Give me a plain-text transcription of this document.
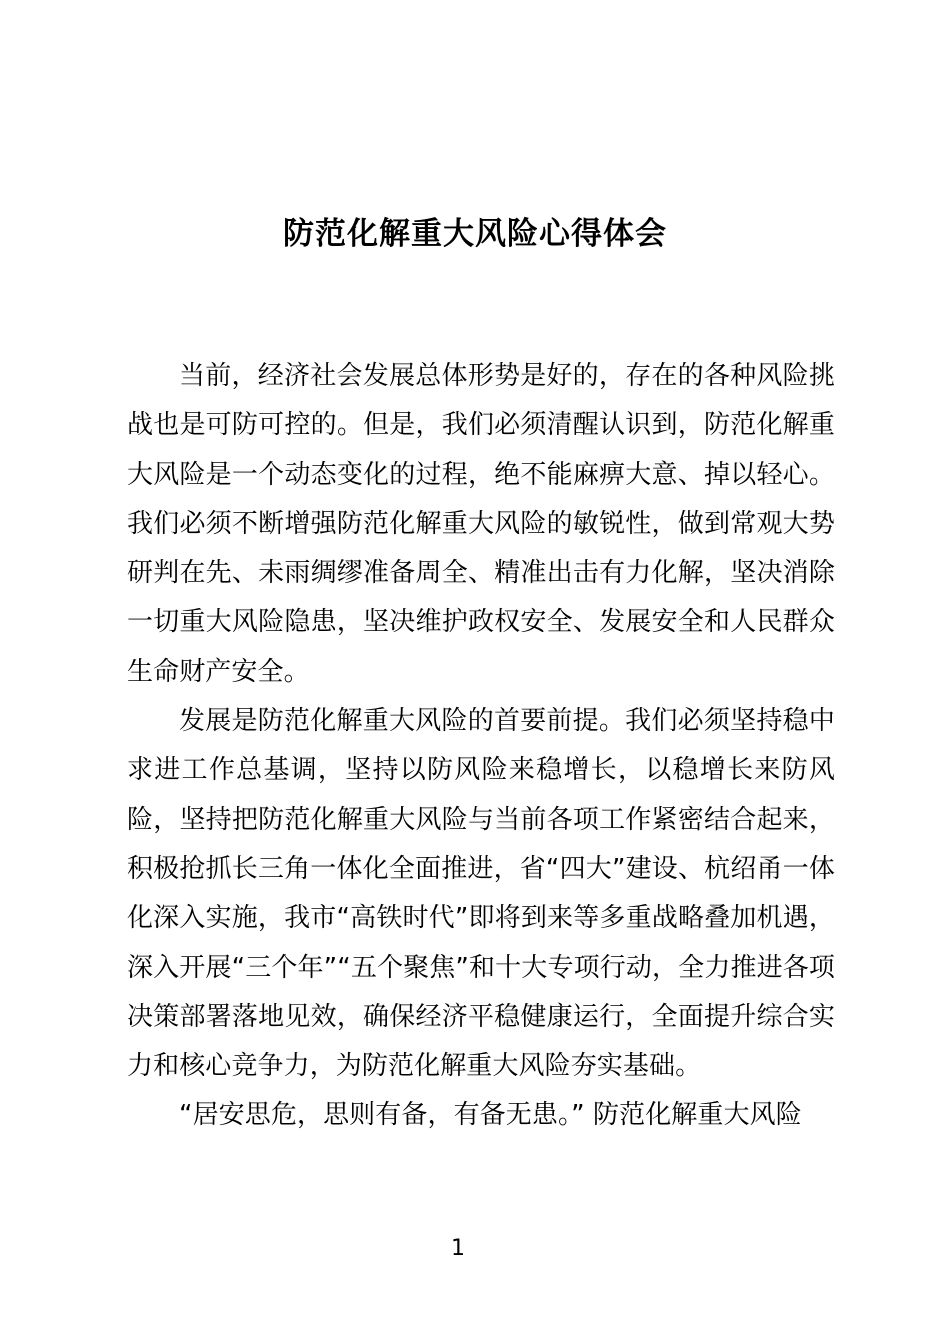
防范化解重大风险心得体会

当前，经济社会发展总体形势是好的，存在的各种风险挑战也是可防可控的。但是，我们必须清醒认识到，防范化解重大风险是一个动态变化的过程，绝不能麻痹大意、掉以轻心。我们必须不断增强防范化解重大风险的敏锐性，做到常观大势研判在先、未雨绸缪准备周全、精准出击有力化解，坚决消除一切重大风险隐患，坚决维护政权安全、发展安全和人民群众生命财产安全。

发展是防范化解重大风险的首要前提。我们必须坚持稳中求进工作总基调，坚持以防风险来稳增长，以稳增长来防风险，坚持把防范化解重大风险与当前各项工作紧密结合起来，积极抢抓长三角一体化全面推进，省“四大”建设、杭绍甬一体化深入实施，我市“高铁时代”即将到来等多重战略叠加机遇，深入开展“三个年”“五个聚焦”和十大专项行动，全力推进各项决策部署落地见效，确保经济平稳健康运行，全面提升综合实力和核心竞争力，为防范化解重大风险夯实基础。

“居安思危，思则有备，有备无患。” 防范化解重大风险

1
